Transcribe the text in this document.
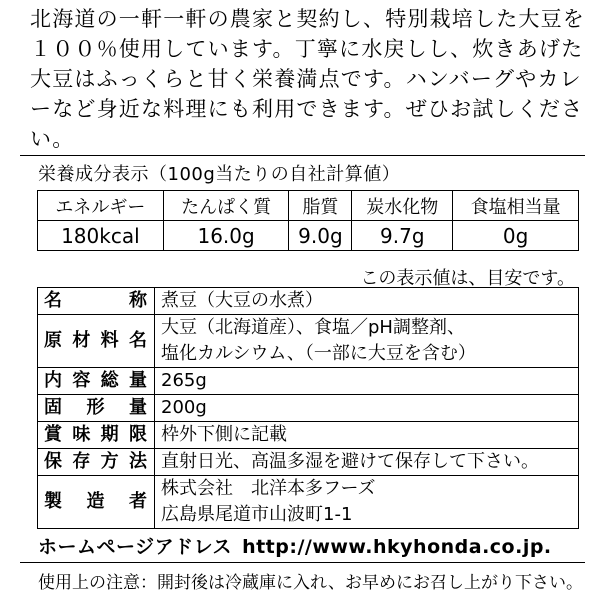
北海道の一軒一軒の農家と契約し、特別栽培した大豆を１００％使用しています。丁寧に水戻しし、炊きあげた大豆はふっくらと甘く栄養満点です。ハンバーグやカレーなど身近な料理にも利用できます。ぜひお試しください。
栄養成分表示（100g当たりの自社計算値）
エネルギー	たんぱく質	脂質	炭水化物	食塩相当量
180kcal	16.0g	9.0g	9.7g	0g
この表示値は、目安です。
名称	煮豆（大豆の水煮）
原材料名	大豆（北海道産）、食塩／pH調整剤、
塩化カルシウム、（一部に大豆を含む）
内容総量	265g
固形量	200g
賞味期限	枠外下側に記載
保存方法	直射日光、高温多湿を避けて保存して下さい。
製造者	株式会社　北洋本多フーズ
広島県尾道市山波町1-1
ホームページアドレス http://www.hkyhonda.co.jp.
使用上の注意：開封後は冷蔵庫に入れ、お早めにお召し上がり下さい。
